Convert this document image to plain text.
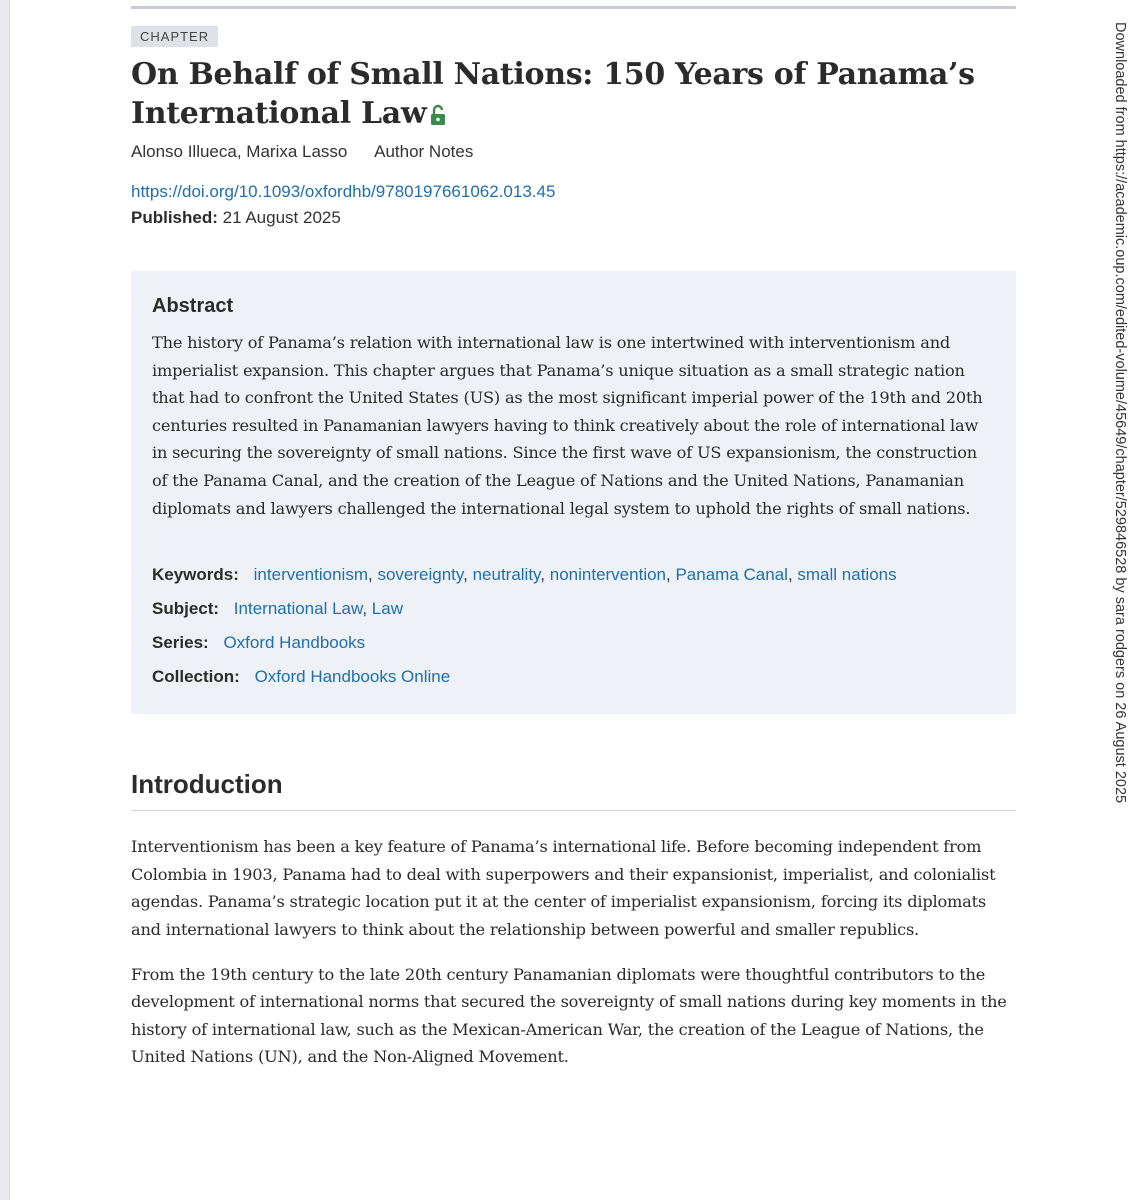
CHAPTER
On Behalf of Small Nations: 150 Years of Panama’s International Law
Alonso Illueca, Marixa Lasso Author Notes
https://doi.org/10.1093/oxfordhb/9780197661062.013.45
Published: 21 August 2025
Abstract

The history of Panama’s relation with international law is one intertwined with interventionism and imperialist expansion. This chapter argues that Panama’s unique situation as a small strategic nation that had to confront the United States (US) as the most significant imperial power of the 19th and 20th centuries resulted in Panamanian lawyers having to think creatively about the role of international law in securing the sovereignty of small nations. Since the first wave of US expansionism, the construction of the Panama Canal, and the creation of the League of Nations and the United Nations, Panamanian diplomats and lawyers challenged the international legal system to uphold the rights of small nations.

Keywords: interventionism, sovereignty, neutrality, nonintervention, Panama Canal, small nations
Subject: International Law, Law
Series: Oxford Handbooks
Collection: Oxford Handbooks Online
Introduction

Interventionism has been a key feature of Panama’s international life. Before becoming independent from Colombia in 1903, Panama had to deal with superpowers and their expansionist, imperialist, and colonialist agendas. Panama’s strategic location put it at the center of imperialist expansionism, forcing its diplomats and international lawyers to think about the relationship between powerful and smaller republics.

From the 19th century to the late 20th century Panamanian diplomats were thoughtful contributors to the development of international norms that secured the sovereignty of small nations during key moments in the history of international law, such as the Mexican-American War, the creation of the League of Nations, the United Nations (UN), and the Non-Aligned Movement.

Downloaded from https://academic.oup.com/edited-volume/45649/chapter/529846528 by sara rodgers on 26 August 2025
